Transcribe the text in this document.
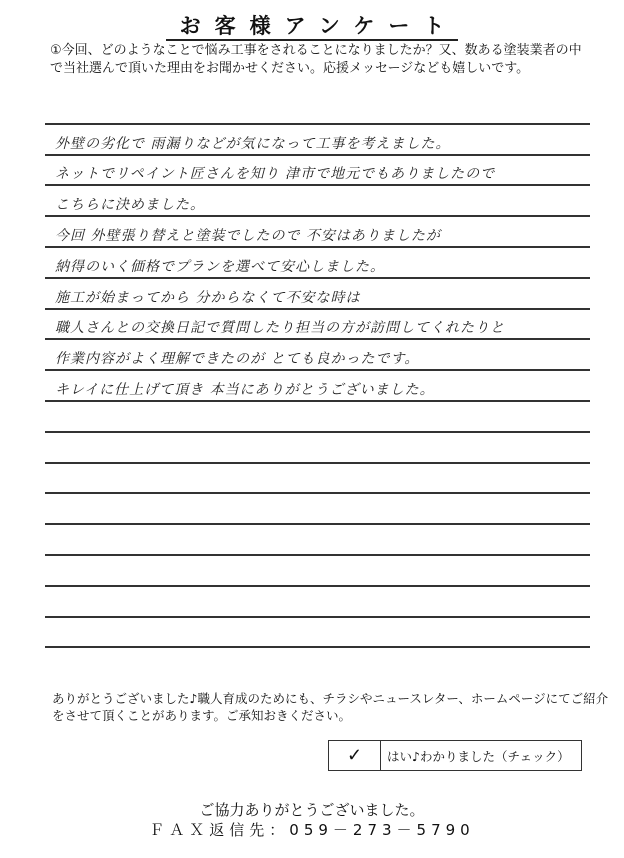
お客様アンケート
①今回、どのようなことで悩み工事をされることになりましたか？又、数ある塗装業者の中で当社選んで頂いた理由をお聞かせください。応援メッセージなども嬉しいです。
外壁の劣化で 雨漏りなどが気になって工事を考えました。
ネットでリペイント匠さんを知り 津市で地元でもありましたので
こちらに決めました。
今回 外壁張り替えと塗装でしたので 不安はありましたが
納得のいく価格でプランを選べて安心しました。
施工が始まってから 分からなくて不安な時は
職人さんとの交換日記で質問したり担当の方が訪問してくれたりと
作業内容がよく理解できたのが とても良かったです。
キレイに仕上げて頂き 本当にありがとうございました。
ありがとうございました♪職人育成のためにも、チラシやニュースレター、ホームページにてご紹介をさせて頂くことがあります。ご承知おきください。
✓	はい♪わかりました（チェック）
ご協力ありがとうございました。
ＦＡＸ返信先：059－273－5790
